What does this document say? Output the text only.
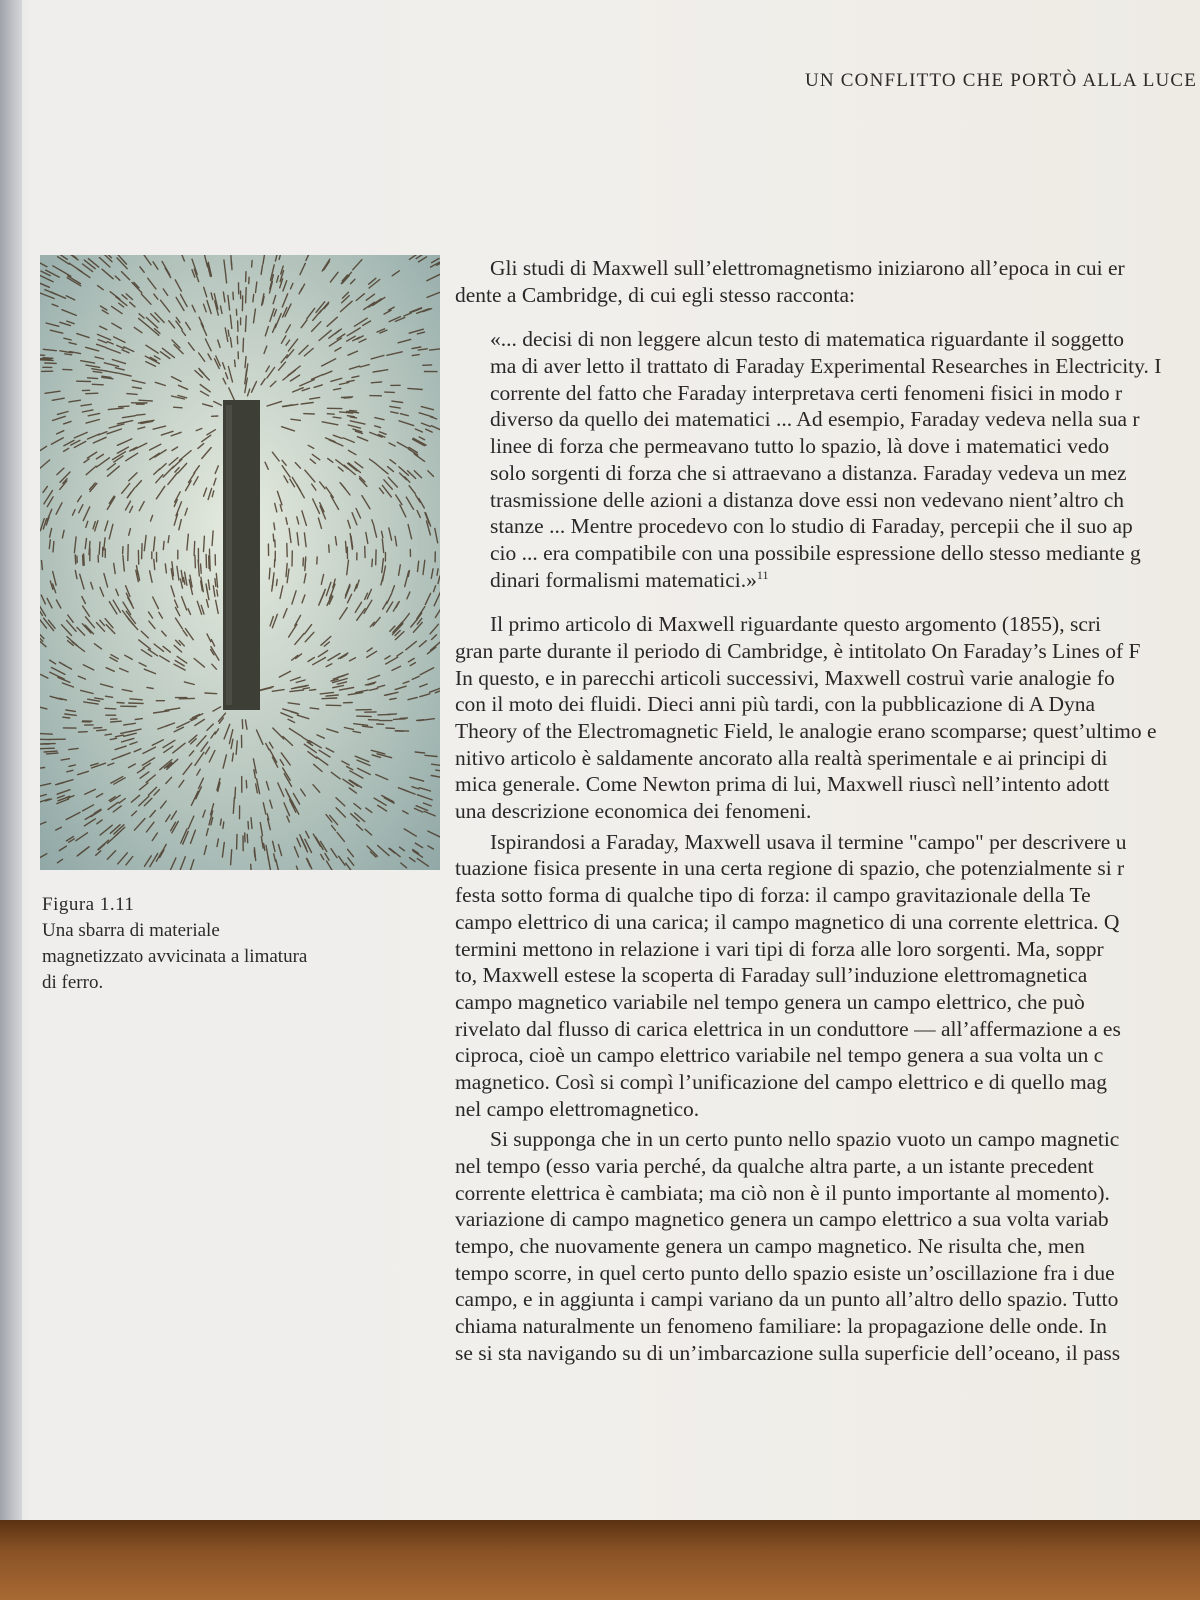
UN CONFLITTO CHE PORTÒ ALLA LUCE
Figura 1.11
Una sbarra di materiale
magnetizzato avvicinata a limatura
di ferro.
Gli studi di Maxwell sull’elettromagnetismo iniziarono all’epoca in cui er
dente a Cambridge, di cui egli stesso racconta:
«... decisi di non leggere alcun testo di matematica riguardante il soggetto
ma di aver letto il trattato di Faraday Experimental Researches in Electricity. I
corrente del fatto che Faraday interpretava certi fenomeni fisici in modo r
diverso da quello dei matematici ... Ad esempio, Faraday vedeva nella sua r
linee di forza che permeavano tutto lo spazio, là dove i matematici vedo
solo sorgenti di forza che si attraevano a distanza. Faraday vedeva un mez
trasmissione delle azioni a distanza dove essi non vedevano nient’altro ch
stanze ... Mentre procedevo con lo studio di Faraday, percepii che il suo ap
cio ... era compatibile con una possibile espressione dello stesso mediante g
dinari formalismi matematici.»$^{11}$
Il primo articolo di Maxwell riguardante questo argomento (1855), scri
gran parte durante il periodo di Cambridge, è intitolato On Faraday’s Lines of F
In questo, e in parecchi articoli successivi, Maxwell costruì varie analogie fo
con il moto dei fluidi. Dieci anni più tardi, con la pubblicazione di A Dyna
Theory of the Electromagnetic Field, le analogie erano scomparse; quest’ultimo e
nitivo articolo è saldamente ancorato alla realtà sperimentale e ai principi di
mica generale. Come Newton prima di lui, Maxwell riuscì nell’intento adott
una descrizione economica dei fenomeni.
Ispirandosi a Faraday, Maxwell usava il termine "campo" per descrivere u
tuazione fisica presente in una certa regione di spazio, che potenzialmente si r
festa sotto forma di qualche tipo di forza: il campo gravitazionale della Te
campo elettrico di una carica; il campo magnetico di una corrente elettrica. Q
termini mettono in relazione i vari tipi di forza alle loro sorgenti. Ma, soppr
to, Maxwell estese la scoperta di Faraday sull’induzione elettromagnetica
campo magnetico variabile nel tempo genera un campo elettrico, che può
rivelato dal flusso di carica elettrica in un conduttore — all’affermazione a es
ciproca, cioè un campo elettrico variabile nel tempo genera a sua volta un c
magnetico. Così si compì l’unificazione del campo elettrico e di quello mag
nel campo elettromagnetico.
Si supponga che in un certo punto nello spazio vuoto un campo magnetic
nel tempo (esso varia perché, da qualche altra parte, a un istante precedent
corrente elettrica è cambiata; ma ciò non è il punto importante al momento).
variazione di campo magnetico genera un campo elettrico a sua volta variab
tempo, che nuovamente genera un campo magnetico. Ne risulta che, men
tempo scorre, in quel certo punto dello spazio esiste un’oscillazione fra i due
campo, e in aggiunta i campi variano da un punto all’altro dello spazio. Tutto
chiama naturalmente un fenomeno familiare: la propagazione delle onde. In
se si sta navigando su di un’imbarcazione sulla superficie dell’oceano, il pass
